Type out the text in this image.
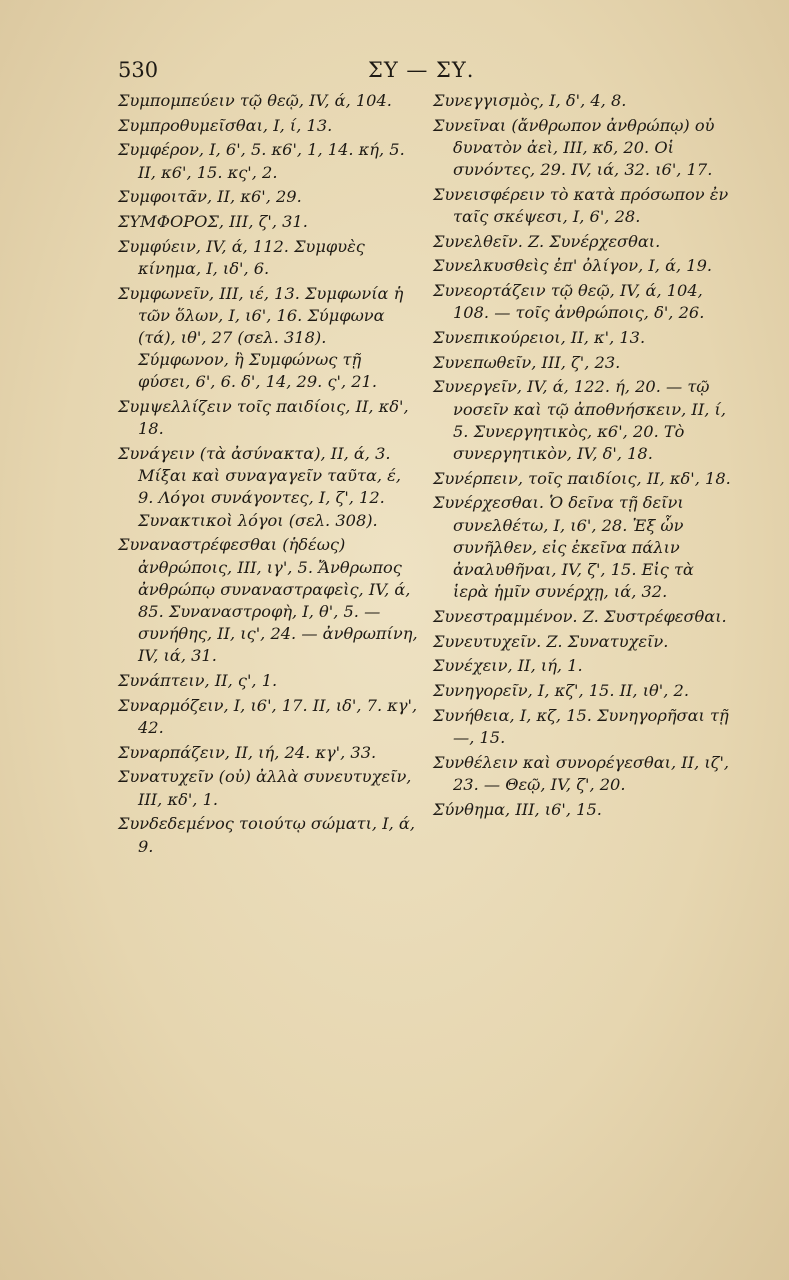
530	ΣΥ — ΣΥ.

Συμπομπεύειν τῷ θεῷ, IV, ά, 104.

Συμπροθυμεῖσθαι, I, ί, 13.

Συμφέρον, I, 6', 5. κ6', 1, 14. κή, 5. II, κ6', 15. κς', 2.

Συμφοιτᾶν, II, κ6', 29.

ΣΥΜΦΟΡΟΣ, III, ζ', 31.

Συμφύειν, IV, ά, 112. Συμφυὲς κίνημα, I, ιδ', 6.

Συμφωνεῖν, III, ιέ, 13. Συμφωνία ἡ τῶν ὅλων, I, ι6', 16. Σύμφωνα (τά), ιθ', 27 (σελ. 318). Σύμφωνον, ἢ Συμφώνως τῇ φύσει, 6', 6. δ', 14, 29. ς', 21.

Συμψελλίζειν τοῖς παιδίοις, II, κδ', 18.

Συνάγειν (τὰ ἀσύνακτα), II, ά, 3. Μίξαι καὶ συναγαγεῖν ταῦτα, έ, 9. Λόγοι συνάγοντες, I, ζ', 12. Συνακτικοὶ λόγοι (σελ. 308).

Συναναστρέφεσθαι (ἡδέως) ἀνθρώποις, III, ιγ', 5. Ἄνθρωπος ἀνθρώπῳ συναναστραφεὶς, IV, ά, 85. Συναναστροφὴ, I, θ', 5. — συνήθης, II, ις', 24. — ἀνθρωπίνη, IV, ιά, 31.

Συνάπτειν, II, ς', 1.

Συναρμόζειν, I, ι6', 17. II, ιδ', 7. κγ', 42.

Συναρπάζειν, II, ιή, 24. κγ', 33.

Συνατυχεῖν (οὐ) ἀλλὰ συνευτυχεῖν, III, κδ', 1.

Συνδεδεμένος τοιούτῳ σώματι, I, ά, 9.

Συνεγγισμὸς, I, δ', 4, 8.

Συνεῖναι (ἄνθρωπον ἀνθρώπῳ) οὐ δυνατὸν ἀεὶ, III, κδ, 20. Οἱ συνόντες, 29. IV, ιά, 32. ι6', 17.

Συνεισφέρειν τὸ κατὰ πρόσωπον ἐν ταῖς σκέψεσι, I, 6', 28.

Συνελθεῖν. Z. Συνέρχεσθαι.

Συνελκυσθεὶς ἐπ' ὀλίγον, I, ά, 19.

Συνεορτάζειν τῷ θεῷ, IV, ά, 104, 108. — τοῖς ἀνθρώποις, δ', 26.

Συνεπικούρειοι, II, κ', 13.

Συνεπωθεῖν, III, ζ', 23.

Συνεργεῖν, IV, ά, 122. ή, 20. — τῷ νοσεῖν καὶ τῷ ἀποθνήσκειν, II, ί, 5. Συνεργητικὸς, κ6', 20. Τὸ συνεργητικὸν, IV, δ', 18.

Συνέρπειν, τοῖς παιδίοις, II, κδ', 18.

Συνέρχεσθαι. Ὁ δεῖνα τῇ δεῖνι συνελθέτω, I, ι6', 28. Ἐξ ὧν συνῆλθεν, εἰς ἐκεῖνα πάλιν ἀναλυθῆναι, IV, ζ', 15. Εἰς τὰ ἱερὰ ἡμῖν συνέρχῃ, ιά, 32.

Συνεστραμμένον. Z. Συστρέφεσθαι.

Συνευτυχεῖν. Z. Συνατυχεῖν.

Συνέχειν, II, ιή, 1.

Συνηγορεῖν, I, κζ', 15. II, ιθ', 2.

Συνήθεια, I, κζ, 15. Συνηγορῆσαι τῇ —, 15.

Συνθέλειν καὶ συνορέγεσθαι, II, ιζ', 23. — Θεῷ, IV, ζ', 20.

Σύνθημα, III, ι6', 15.
